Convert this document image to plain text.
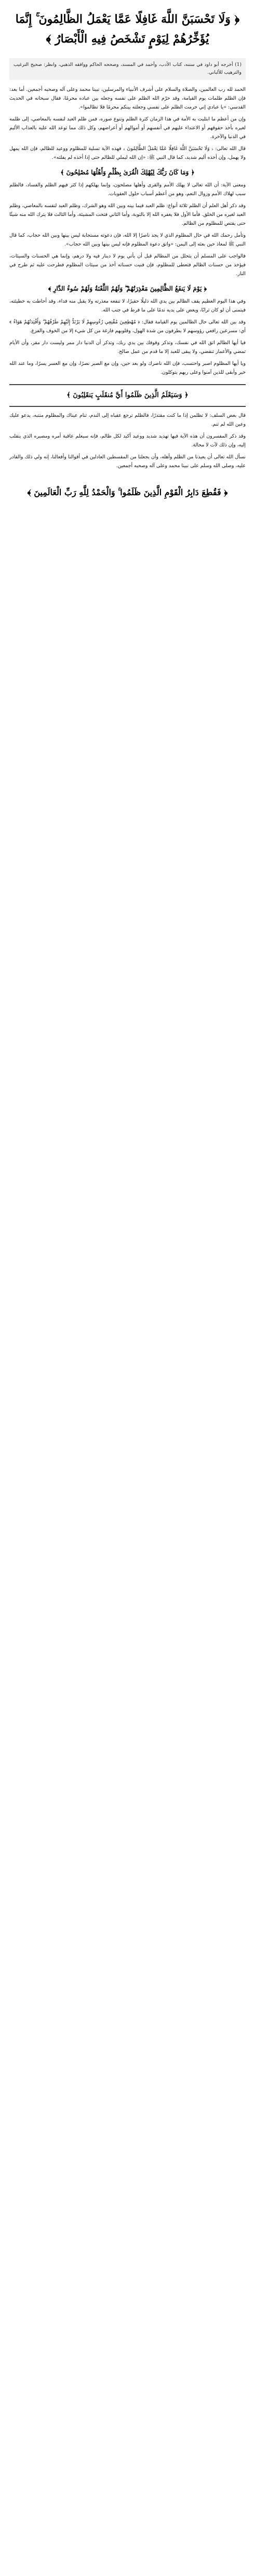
﴿ وَلَا تَحْسَبَنَّ اللَّهَ غَافِلًا عَمَّا يَعْمَلُ الظَّالِمُونَ ۚ إِنَّمَا يُؤَخِّرُهُمْ لِيَوْمٍ تَشْخَصُ فِيهِ الْأَبْصَارُ ﴾
(1) أخرجه أبو داود في سننه، كتاب الأدب، وأحمد في المسند، وصححه الحاكم ووافقه الذهبي، وانظر: صحيح الترغيب والترهيب للألباني.

الحمد لله رب العالمين، والصلاة والسلام على أشرف الأنبياء والمرسلين، نبينا محمد وعلى آله وصحبه أجمعين. أما بعد: فإن الظلم ظلمات يوم القيامة، وقد حرّم الله الظلم على نفسه وجعله بين عباده محرمًا، فقال سبحانه في الحديث القدسي: «يا عبادي إني حرمت الظلم على نفسي وجعلته بينكم محرمًا فلا تظالموا».

وإن من أعظم ما ابتليت به الأمة في هذا الزمان كثرة الظلم وتنوع صوره، فمن ظلم العبد لنفسه بالمعاصي، إلى ظلمه لغيره بأخذ حقوقهم أو الاعتداء عليهم في أنفسهم أو أموالهم أو أعراضهم، وكل ذلك مما توعد الله عليه بالعذاب الأليم في الدنيا والآخرة.

قال الله تعالى: ﴿ وَلَا تَحْسَبَنَّ اللَّهَ غَافِلًا عَمَّا يَعْمَلُ الظَّالِمُونَ ﴾ فهذه الآية تسلية للمظلوم ووعيد للظالم، فإن الله يمهل ولا يهمل، وإن أخذه أليم شديد، كما قال النبي ﷺ: «إن الله ليملي للظالم حتى إذا أخذه لم يفلته».

﴿ وَمَا كَانَ رَبُّكَ لِيُهْلِكَ الْقُرَىٰ بِظُلْمٍ وَأَهْلُهَا مُصْلِحُونَ ﴾

ومعنى الآية: أن الله تعالى لا يهلك الأمم والقرى وأهلها مصلحون، وإنما يهلكهم إذا كثر فيهم الظلم والفساد، فالظلم سبب لهلاك الأمم وزوال النعم، وهو من أعظم أسباب حلول العقوبات.

وقد ذكر أهل العلم أن الظلم ثلاثة أنواع: ظلم العبد فيما بينه وبين الله وهو الشرك، وظلم العبد لنفسه بالمعاصي، وظلم العبد لغيره من الخلق. فأما الأول فلا يغفره الله إلا بالتوبة، وأما الثاني فتحت المشيئة، وأما الثالث فلا يترك الله منه شيئًا حتى يقتص للمظلوم من الظالم.

وتأمل رحمك الله في حال المظلوم الذي لا يجد ناصرًا إلا الله، فإن دعوته مستجابة ليس بينها وبين الله حجاب، كما قال النبي ﷺ لمعاذ حين بعثه إلى اليمن: «واتق دعوة المظلوم فإنه ليس بينها وبين الله حجاب».

فالواجب على المسلم أن يتحلل من المظالم قبل أن يأتي يوم لا دينار فيه ولا درهم، وإنما هي الحسنات والسيئات، فيؤخذ من حسنات الظالم فتعطى للمظلوم، فإن فنيت حسناته أخذ من سيئات المظلوم فطرحت عليه ثم طرح في النار.

﴿ يَوْمَ لَا يَنفَعُ الظَّالِمِينَ مَعْذِرَتُهُمْ ۖ وَلَهُمُ اللَّعْنَةُ وَلَهُمْ سُوءُ الدَّارِ ﴾

وفي هذا اليوم العظيم يقف الظالم بين يدي الله ذليلًا حقيرًا، لا تنفعه معذرته ولا يقبل منه فداء، وقد أحاطت به خطيئته، فيتمنى أن لو كان ترابًا، ويعض على يديه ندمًا على ما فرط في جنب الله.

وقد بين الله تعالى حال الظالمين يوم القيامة فقال: ﴿ مُهْطِعِينَ مُقْنِعِي رُءُوسِهِمْ لَا يَرْتَدُّ إِلَيْهِمْ طَرْفُهُمْ ۖ وَأَفْئِدَتُهُمْ هَوَاءٌ ﴾ أي: مسرعين رافعي رؤوسهم لا يطرفون من شدة الهول، وقلوبهم فارغة من كل شيء إلا من الخوف والفزع.

فيا أيها الظالم اتق الله في نفسك، وتذكر وقوفك بين يدي ربك، وتذكر أن الدنيا دار ممر وليست دار مقر، وأن الأيام تمضي والأعمار تنقضي، ولا يبقى للعبد إلا ما قدم من عمل صالح.

ويا أيها المظلوم اصبر واحتسب، فإن الله ناصرك ولو بعد حين، وإن مع الصبر نصرًا، وإن مع العسر يسرًا، وما عند الله خير وأبقى للذين آمنوا وعلى ربهم يتوكلون.

﴿ وَسَيَعْلَمُ الَّذِينَ ظَلَمُوا أَيَّ مُنقَلَبٍ يَنقَلِبُونَ ﴾

قال بعض السلف: لا تظلمن إذا ما كنت مقتدرًا، فالظلم ترجع عقباه إلى الندم، تنام عيناك والمظلوم منتبه، يدعو عليك وعين الله لم تنم.

وقد ذكر المفسرون أن هذه الآية فيها تهديد شديد ووعيد أكيد لكل ظالم، فإنه سيعلم عاقبة أمره ومصيره الذي ينقلب إليه، وإن ذلك لآت لا محالة.

نسأل الله تعالى أن يعيذنا من الظلم وأهله، وأن يجعلنا من المقسطين العادلين في أقوالنا وأفعالنا، إنه ولي ذلك والقادر عليه، وصلى الله وسلم على نبينا محمد وعلى آله وصحبه أجمعين.

﴿ فَقُطِعَ دَابِرُ الْقَوْمِ الَّذِينَ ظَلَمُوا ۚ وَالْحَمْدُ لِلَّهِ رَبِّ الْعَالَمِينَ ﴾
